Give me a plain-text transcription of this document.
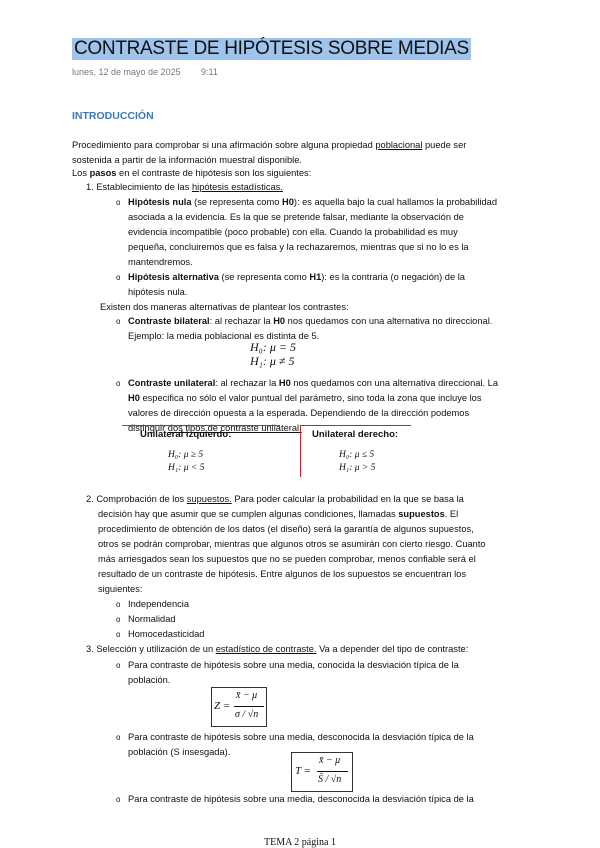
CONTRASTE DE HIPÓTESIS SOBRE MEDIAS
lunes, 12 de mayo de 2025 9:11
INTRODUCCIÓN
Procedimiento para comprobar si una afirmación sobre alguna propiedad poblacional puede ser
sostenida a partir de la información muestral disponible.
Los pasos en el contraste de hipótesis son los siguientes:
1. Establecimiento de las hipótesis estadísticas.
o Hipótesis nula (se representa como H0): es aquella bajo la cual hallamos la probabilidad
asociada a la evidencia. Es la que se pretende falsar, mediante la observación de
evidencia incompatible (poco probable) con ella. Cuando la probabilidad es muy
pequeña, concluiremos que es falsa y la rechazaremos, mientras que si no lo es la
mantendremos.
o Hipótesis alternativa (se representa como H1): es la contraria (o negación) de la
hipótesis nula.
Existen dos maneras alternativas de plantear los contrastes:
o Contraste bilateral: al rechazar la H0 nos quedamos con una alternativa no direccional.
Ejemplo: la media poblacional es distinta de 5.
H₀: μ = 5
H₁: μ ≠ 5
o Contraste unilateral: al rechazar la H0 nos quedamos con una alternativa direccional. La
H0 especifica no sólo el valor puntual del parámetro, sino toda la zona que incluye los
valores de dirección opuesta a la esperada. Dependiendo de la dirección podemos
distinguir dos tipos de contraste unilateral:
Unilateral izquierdo:
H₀: μ ≥ 5
H₁: μ < 5
Unilateral derecho:
H₀: μ ≤ 5
H₁: μ > 5
2. Comprobación de los supuestos. Para poder calcular la probabilidad en la que se basa la
decisión hay que asumir que se cumplen algunas condiciones, llamadas supuestos. El
procedimiento de obtención de los datos (el diseño) será la garantía de algunos supuestos,
otros se podrán comprobar, mientras que algunos otros se asumirán con cierto riesgo. Cuanto
más arriesgados sean los supuestos que no se pueden comprobar, menos confiable será el
resultado de un contraste de hipótesis. Entre algunos de los supuestos se encuentran los
siguientes:
o Independencia
o Normalidad
o Homocedasticidad
3. Selección y utilización de un estadístico de contraste. Va a depender del tipo de contraste:
o Para contraste de hipótesis sobre una media, conocida la desviación típica de la
población.
Z =
x̄ − μ
σ / √n
o Para contraste de hipótesis sobre una media, desconocida la desviación típica de la
población (S insesgada).
T =
x̄ − μ
Ŝ / √n
o Para contraste de hipótesis sobre una media, desconocida la desviación típica de la
TEMA 2 página 1
